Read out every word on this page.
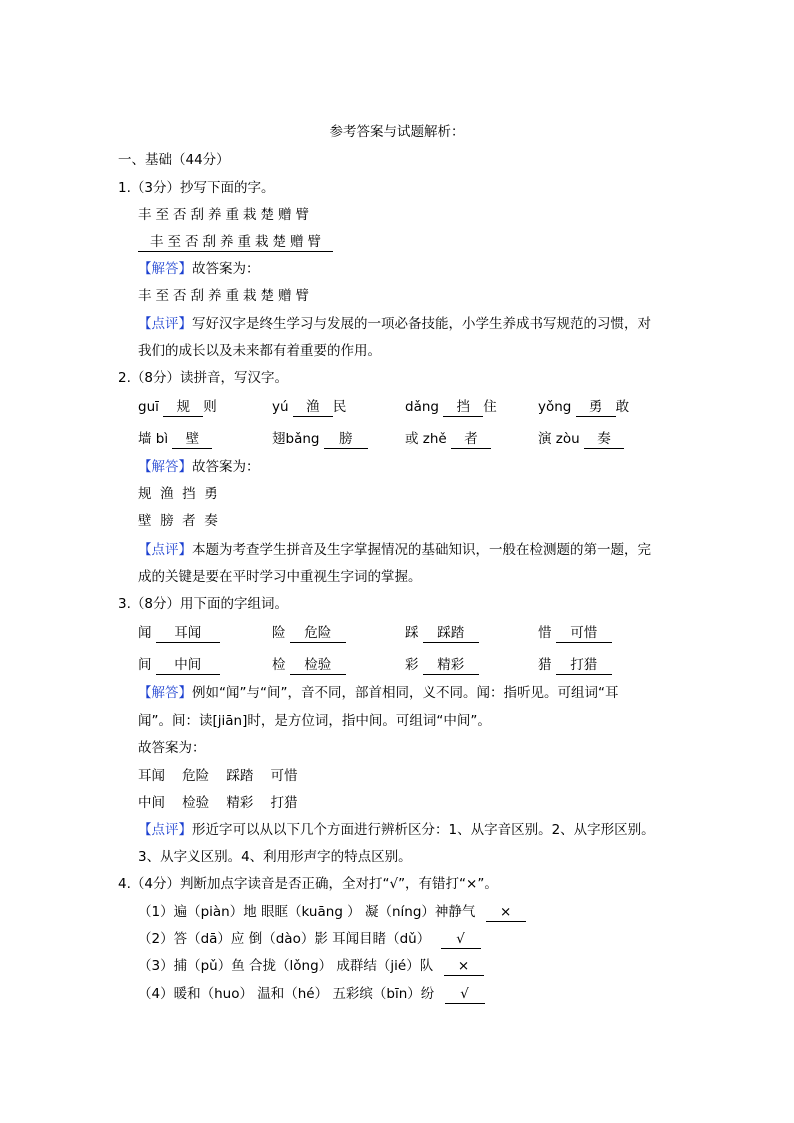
参考答案与试题解析：
一、基础（44分）
1.（3分）抄写下面的字。
丰至否刮养重栽楚赠臂
丰至否刮养重栽楚赠臂
【解答】故答案为：
丰至否刮养重栽楚赠臂
【点评】写好汉字是终生学习与发展的一项必备技能，小学生养成书写规范的习惯，对
我们的成长以及未来都有着重要的作用。
2.（8分）读拼音，写汉字。
guī 规 则	yú 渔 民	dǎng 挡 住	yǒng 勇 敢
墙 bì 壁	翅bǎng 膀	或 zhě 者	演 zòu 奏
【解答】故答案为：
规  渔  挡  勇
壁  膀  者  奏
【点评】本题为考查学生拼音及生字掌握情况的基础知识，一般在检测题的第一题，完
成的关键是要在平时学习中重视生字词的掌握。
3.（8分）用下面的字组词。
闻 耳闻	险 危险	踩 踩踏	惜 可惜
间 中间	检 检验	彩 精彩	猎 打猎
【解答】例如“闻”与“间”，音不同，部首相同，义不同。闻：指听见。可组词“耳
闻”。间：读[jiān]时，是方位词，指中间。可组词“中间”。
故答案为：
耳闻    危险    踩踏    可惜
中间    检验    精彩    打猎
【点评】形近字可以从以下几个方面进行辨析区分：1、从字音区别。2、从字形区别。
3、从字义区别。4、利用形声字的特点区别。
4.（4分）判断加点字读音是否正确，全对打“√”，有错打“×”。
（1）遍（piàn）地 眼眶（kuāng ） 凝（níng）神静气 ×
（2）答（dā）应 倒（dào）影 耳闻目睹（dǔ） √
（3）捕（pǔ）鱼 合拢（lǒng） 成群结（jié）队 ×
（4）暖和（huo） 温和（hé） 五彩缤（bīn）纷 √
